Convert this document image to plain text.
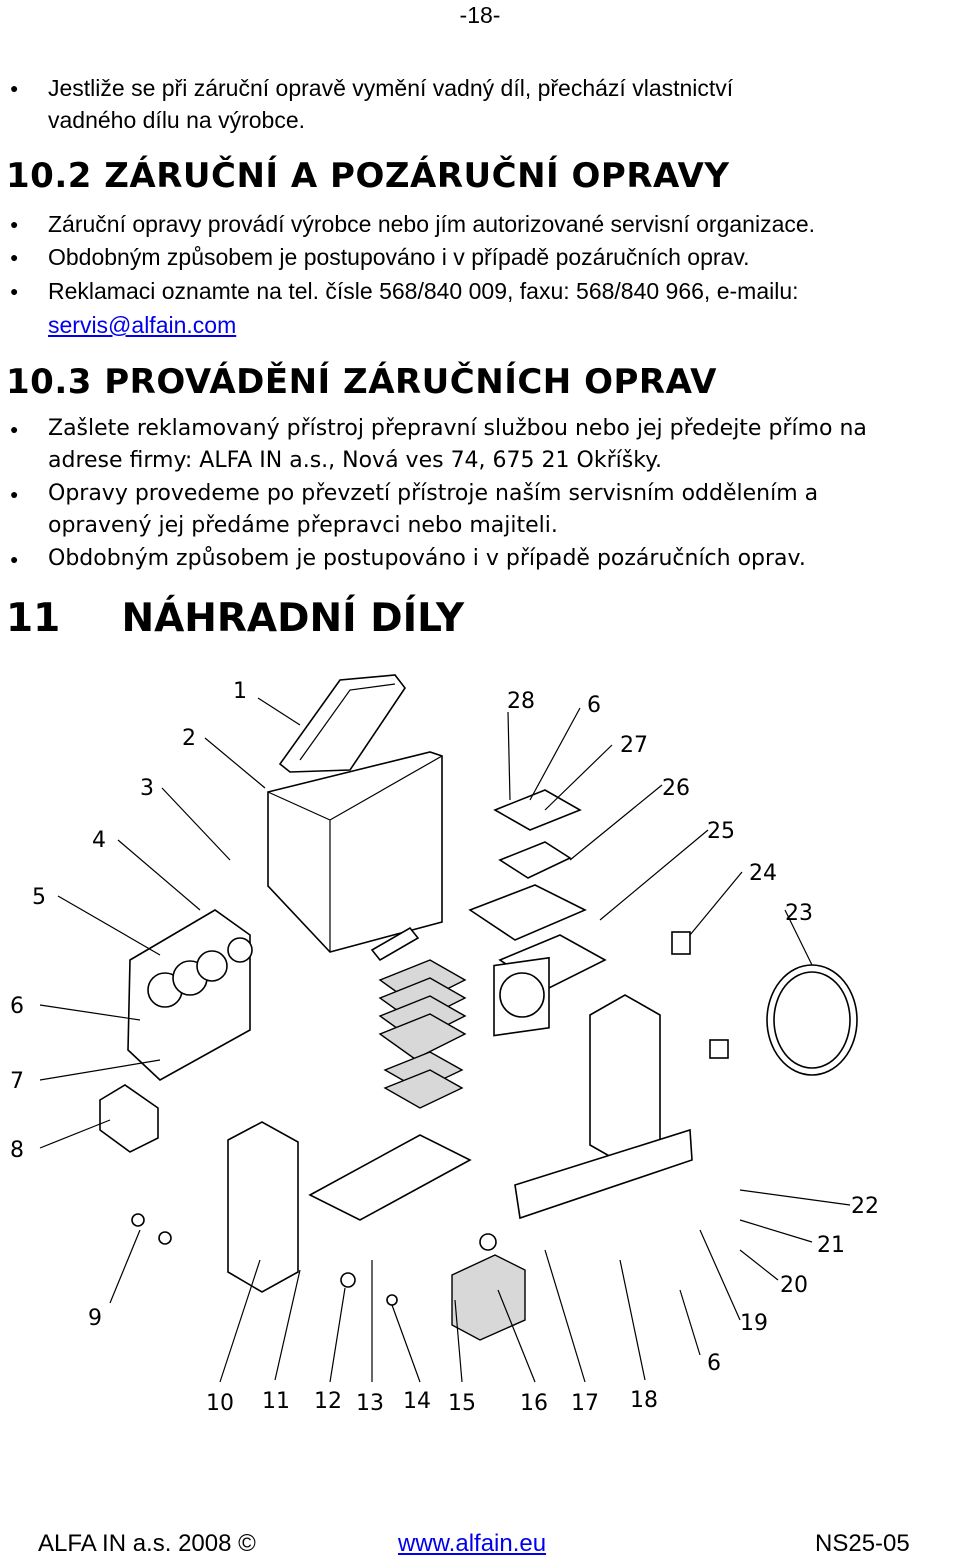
-18-
● Jestliže se při záruční opravě vymění vadný díl, přechází vlastnictví
vadného dílu na výrobce.
10.2 ZÁRUČNÍ A POZÁRUČNÍ OPRAVY
● Záruční opravy provádí výrobce nebo jím autorizované servisní organizace.
● Obdobným způsobem je postupováno i v případě pozáručních oprav.
● Reklamaci oznamte na tel. čísle 568/840 009, faxu: 568/840 966, e-mailu:
servis@alfain.com
10.3 PROVÁDĚNÍ ZÁRUČNÍCH OPRAV
● Zašlete reklamovaný přístroj přepravní službou nebo jej předejte přímo na
adrese firmy: ALFA IN a.s., Nová ves 74, 675 21 Okříšky.
● Opravy provedeme po převzetí přístroje naším servisním oddělením a
opravený jej předáme přepravci nebo majiteli.
● Obdobným způsobem je postupováno i v případě pozáručních oprav.
11 NÁHRADNÍ DÍLY
1
2
3
4
5
6
7
8
9
10 11 12 13 14 15 16 17 18
6
19
20
21
22
23
24
25
26
27
6
28
ALFA IN a.s. 2008 ©	www.alfain.eu	NS25-05
